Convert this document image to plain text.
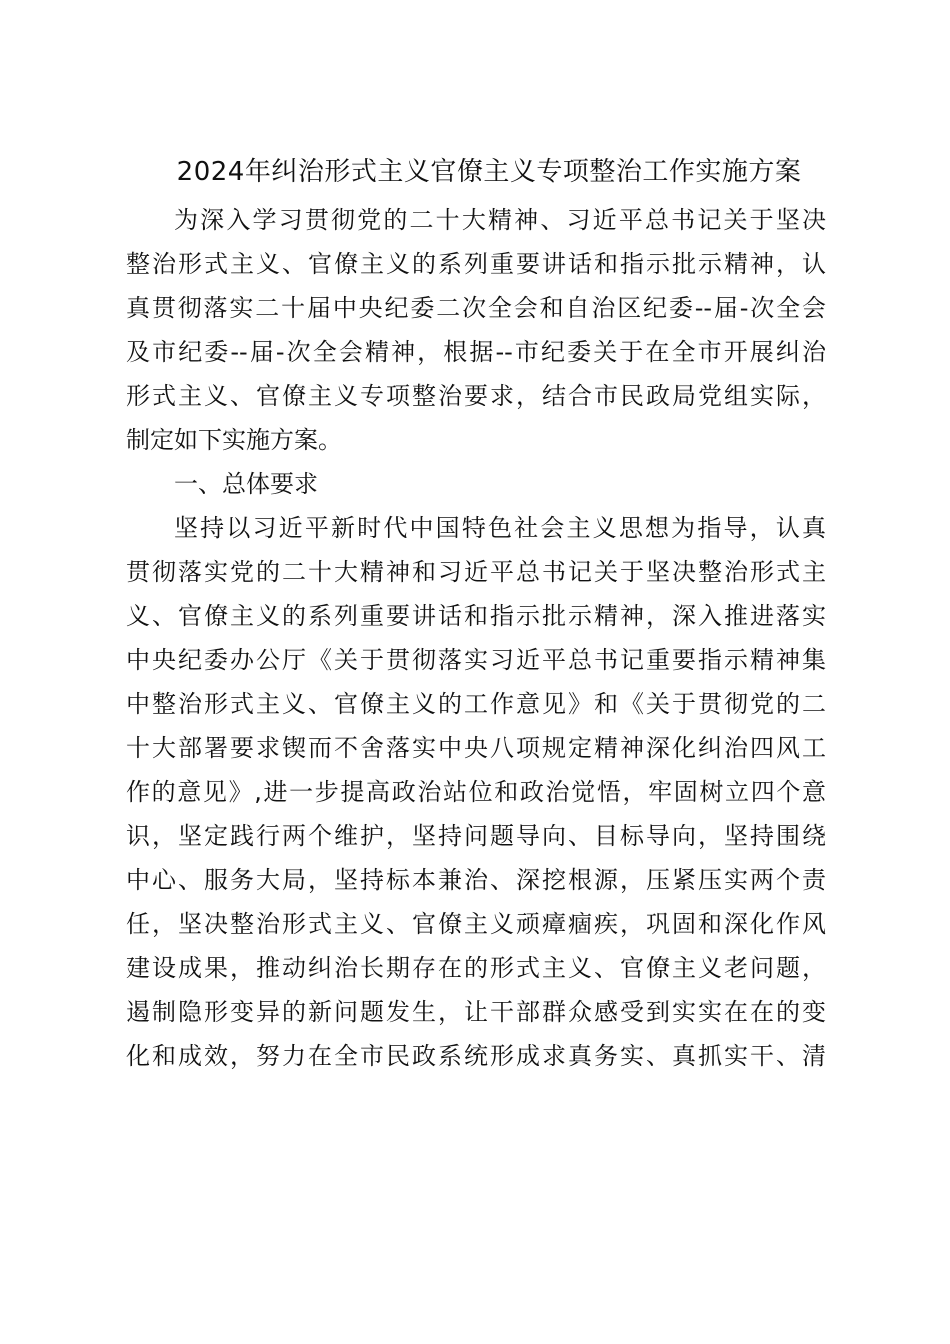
2024年纠治形式主义官僚主义专项整治工作实施方案
为深入学习贯彻党的二十大精神、习近平总书记关于坚决
整治形式主义、官僚主义的系列重要讲话和指示批示精神，认
真贯彻落实二十届中央纪委二次全会和自治区纪委--届-次全会
及市纪委--届-次全会精神，根据--市纪委关于在全市开展纠治
形式主义、官僚主义专项整治要求，结合市民政局党组实际，
制定如下实施方案。
一、总体要求
坚持以习近平新时代中国特色社会主义思想为指导，认真
贯彻落实党的二十大精神和习近平总书记关于坚决整治形式主
义、官僚主义的系列重要讲话和指示批示精神，深入推进落实
中央纪委办公厅《关于贯彻落实习近平总书记重要指示精神集
中整治形式主义、官僚主义的工作意见》和《关于贯彻党的二
十大部署要求锲而不舍落实中央八项规定精神深化纠治四风工
作的意见》,进一步提高政治站位和政治觉悟，牢固树立四个意
识，坚定践行两个维护，坚持问题导向、目标导向，坚持围绕
中心、服务大局，坚持标本兼治、深挖根源，压紧压实两个责
任，坚决整治形式主义、官僚主义顽瘴痼疾，巩固和深化作风
建设成果，推动纠治长期存在的形式主义、官僚主义老问题，
遏制隐形变异的新问题发生，让干部群众感受到实实在在的变
化和成效，努力在全市民政系统形成求真务实、真抓实干、清
